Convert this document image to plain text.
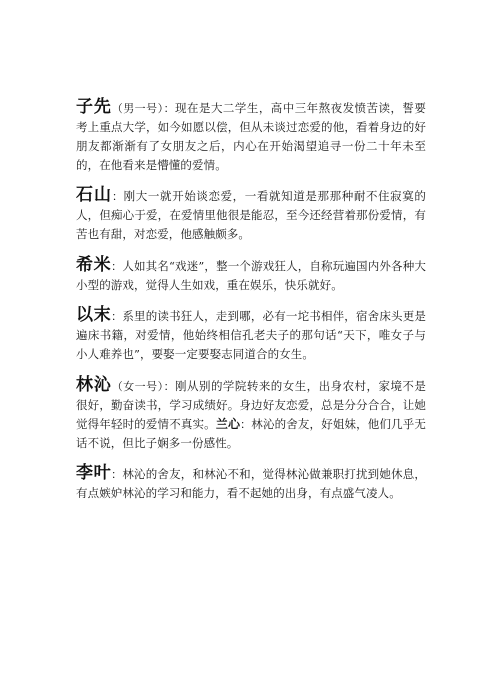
子先（男一号）：现在是大二学生，高中三年熬夜发愤苦读，誓要考上重点大学，如今如愿以偿，但从未谈过恋爱的他，看着身边的好朋友都渐渐有了女朋友之后，内心在开始渴望追寻一份二十年未至的，在他看来是懵懂的爱情。

石山：刚大一就开始谈恋爱，一看就知道是那那种耐不住寂寞的人，但痴心于爱，在爱情里他很是能忍，至今还经营着那份爱情，有苦也有甜，对恋爱，他感触颇多。

希米：人如其名“戏迷”，整一个游戏狂人，自称玩遍国内外各种大小型的游戏，觉得人生如戏，重在娱乐，快乐就好。

以末：系里的读书狂人，走到哪，必有一坨书相伴，宿舍床头更是遍床书籍，对爱情，他始终相信孔老夫子的那句话“天下，唯女子与小人难养也”，要娶一定要娶志同道合的女生。

林沁（女一号）：刚从别的学院转来的女生，出身农村，家境不是很好，勤奋读书，学习成绩好。身边好友恋爱，总是分分合合，让她觉得年轻时的爱情不真实。兰心：林沁的舍友，好姐妹，他们几乎无话不说，但比子娴多一份感性。

李叶：林沁的舍友，和林沁不和，觉得林沁做兼职打扰到她休息，有点嫉妒林沁的学习和能力，看不起她的出身，有点盛气凌人。
